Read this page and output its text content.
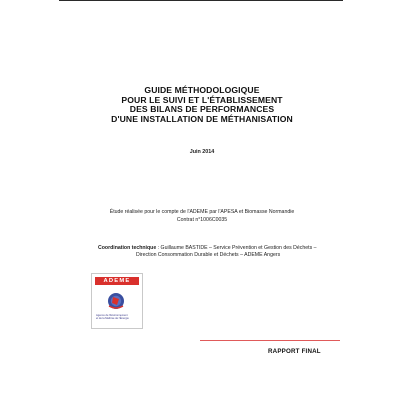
GUIDE MÉTHODOLOGIQUE
POUR LE SUIVI ET L'ÉTABLISSEMENT
DES BILANS DE PERFORMANCES
D'UNE INSTALLATION DE MÉTHANISATION
Juin 2014
Étude réalisée pour le compte de l'ADEME par l'APESA et Biomasse Normandie
Contrat n°1006C0035
Coordination technique : Guillaume BASTIDE – Service Prévention et Gestion des Déchets –
Direction Consommation Durable et Déchets – ADEME Angers
ADEME
Agence de l'Environnement
et de la Maîtrise de l'Énergie
RAPPORT FINAL
